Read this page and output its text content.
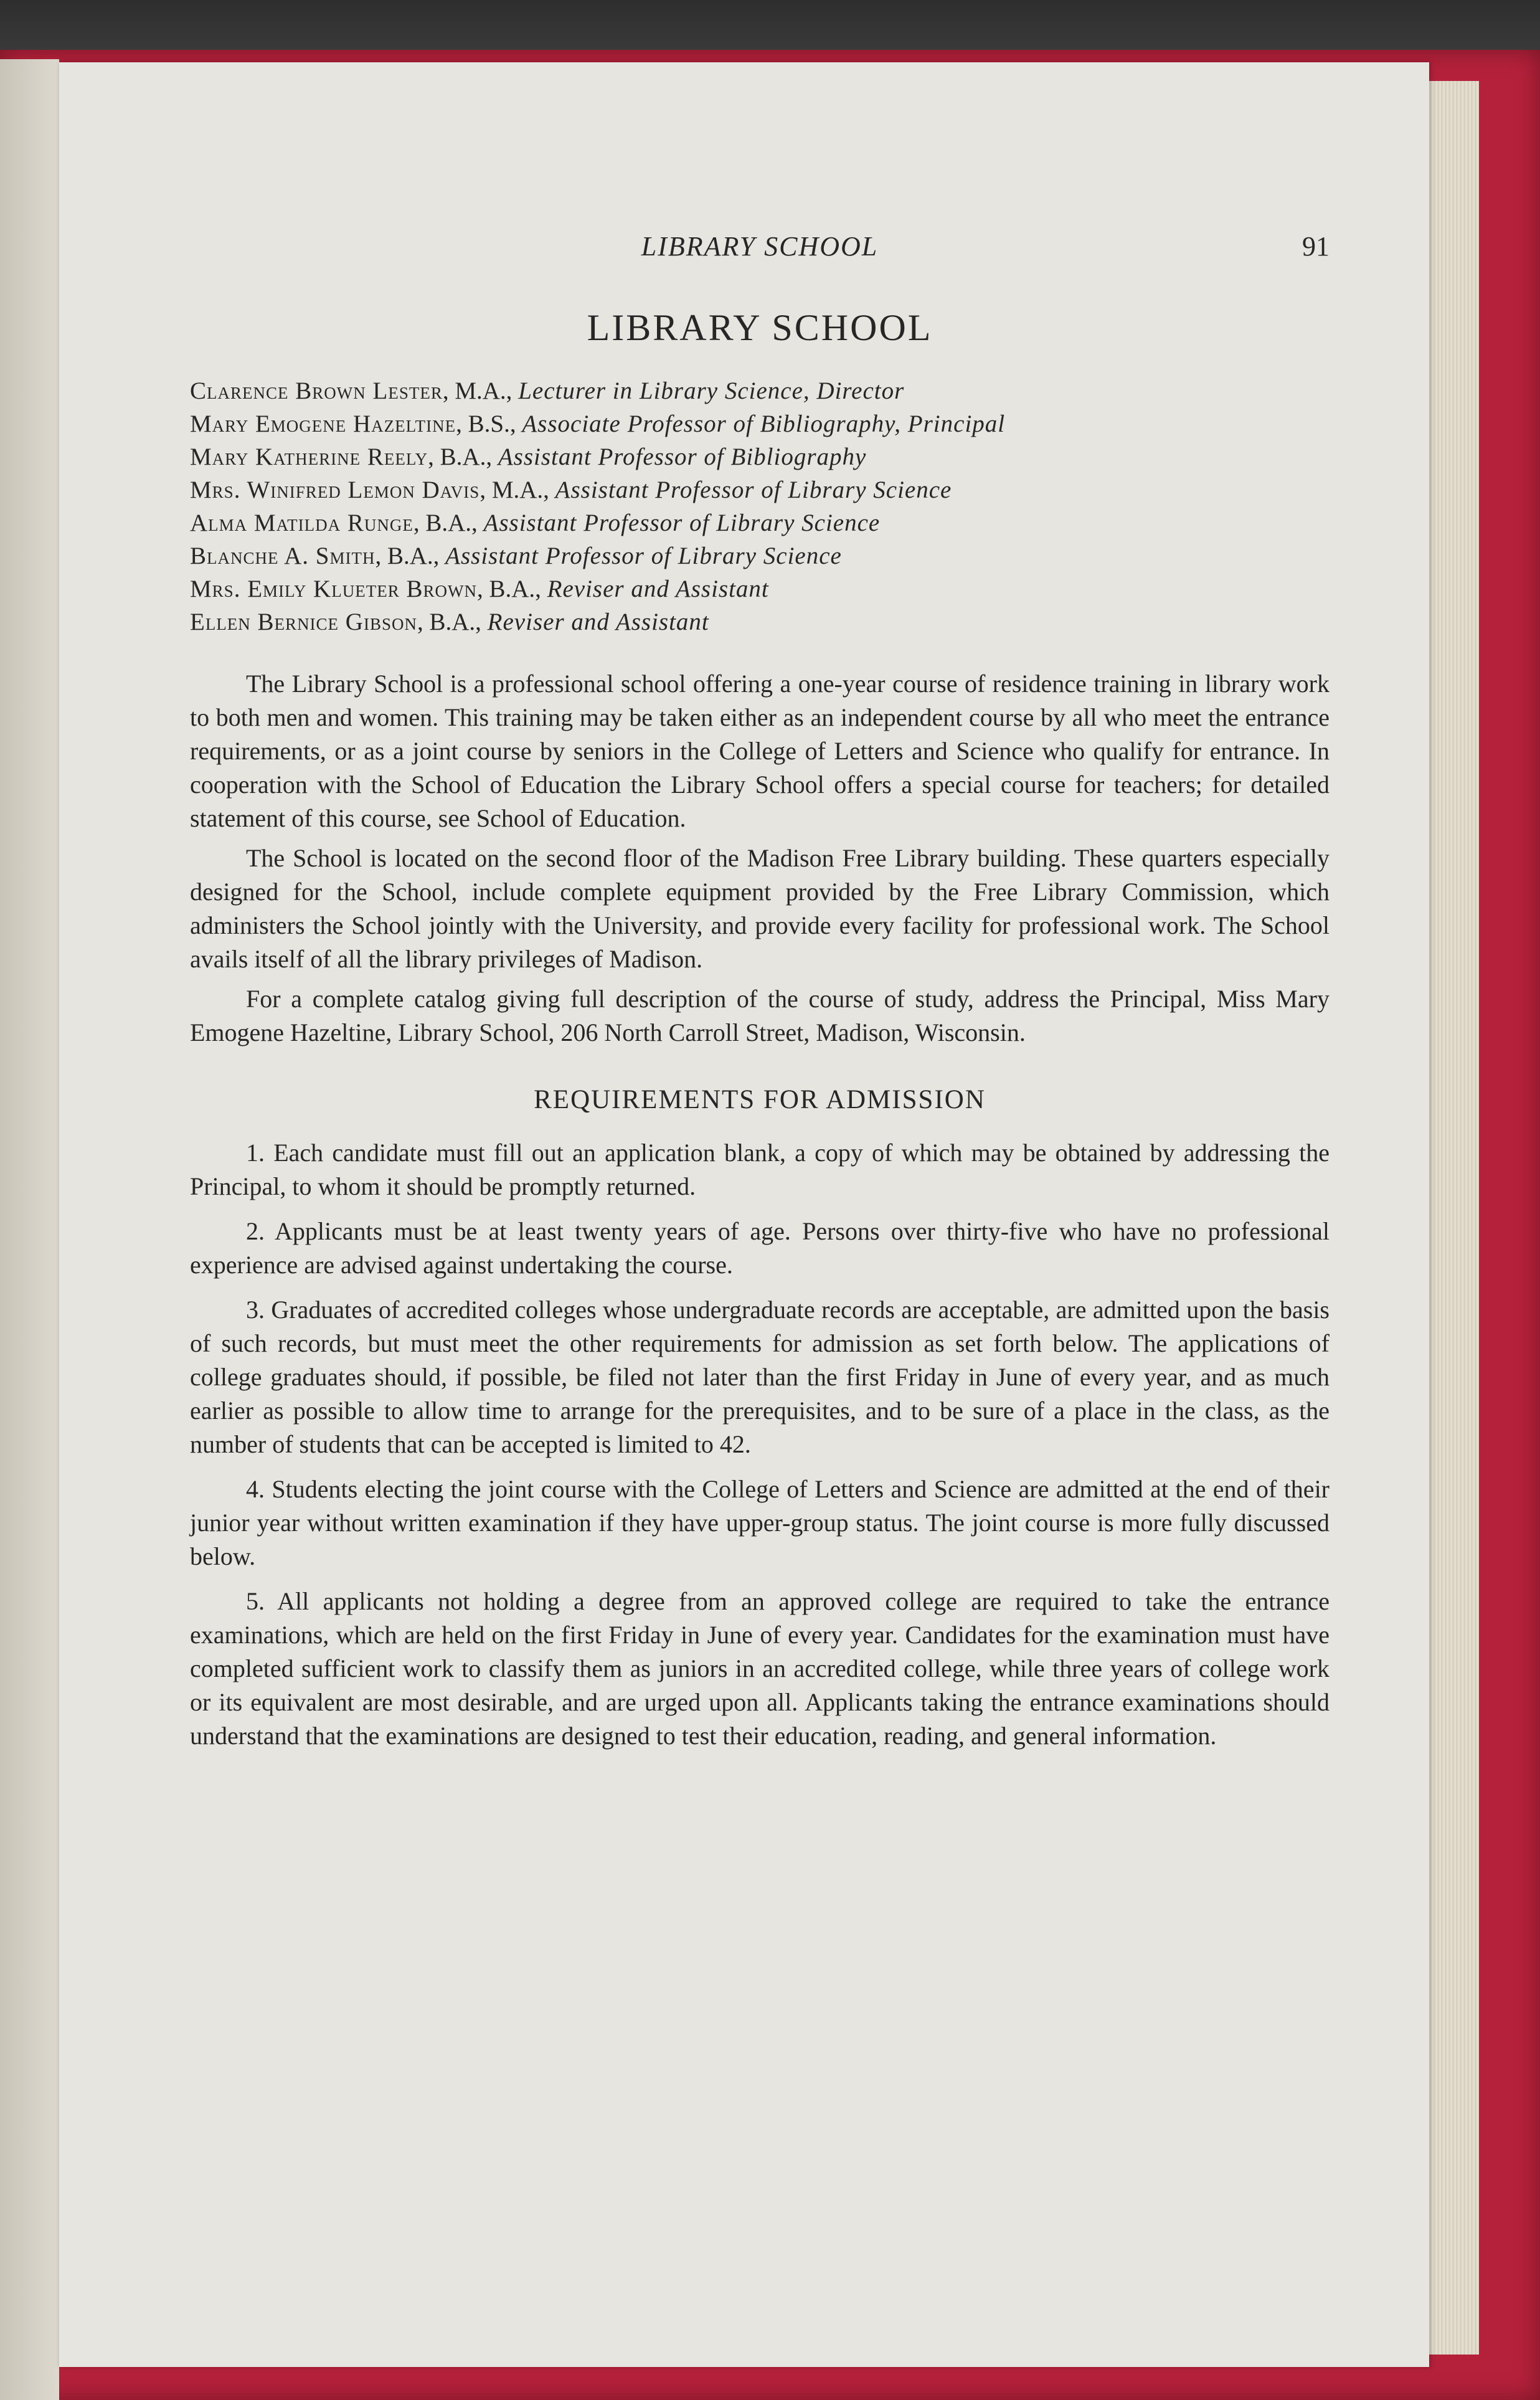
LIBRARY SCHOOL	91
LIBRARY SCHOOL
Clarence Brown Lester, M.A., Lecturer in Library Science, Director
Mary Emogene Hazeltine, B.S., Associate Professor of Bibliography, Principal
Mary Katherine Reely, B.A., Assistant Professor of Bibliography
Mrs. Winifred Lemon Davis, M.A., Assistant Professor of Library Science
Alma Matilda Runge, B.A., Assistant Professor of Library Science
Blanche A. Smith, B.A., Assistant Professor of Library Science
Mrs. Emily Klueter Brown, B.A., Reviser and Assistant
Ellen Bernice Gibson, B.A., Reviser and Assistant

The Library School is a professional school offering a one-year course of residence training in library work to both men and women. This training may be taken either as an independent course by all who meet the entrance requirements, or as a joint course by seniors in the College of Letters and Science who qualify for entrance. In cooperation with the School of Education the Library School offers a special course for teachers; for detailed statement of this course, see School of Education.

The School is located on the second floor of the Madison Free Library building. These quarters especially designed for the School, include complete equipment provided by the Free Library Commission, which administers the School jointly with the University, and provide every facility for professional work. The School avails itself of all the library privileges of Madison.

For a complete catalog giving full description of the course of study, address the Principal, Miss Mary Emogene Hazeltine, Library School, 206 North Carroll Street, Madison, Wisconsin.

REQUIREMENTS FOR ADMISSION

1. Each candidate must fill out an application blank, a copy of which may be obtained by addressing the Principal, to whom it should be promptly returned.

2. Applicants must be at least twenty years of age. Persons over thirty-five who have no professional experience are advised against undertaking the course.

3. Graduates of accredited colleges whose undergraduate records are acceptable, are admitted upon the basis of such records, but must meet the other requirements for admission as set forth below. The applications of college graduates should, if possible, be filed not later than the first Friday in June of every year, and as much earlier as possible to allow time to arrange for the prerequisites, and to be sure of a place in the class, as the number of students that can be accepted is limited to 42.

4. Students electing the joint course with the College of Letters and Science are admitted at the end of their junior year without written examination if they have upper-group status. The joint course is more fully discussed below.

5. All applicants not holding a degree from an approved college are required to take the entrance examinations, which are held on the first Friday in June of every year. Candidates for the examination must have completed sufficient work to classify them as juniors in an accredited college, while three years of college work or its equivalent are most desirable, and are urged upon all. Applicants taking the entrance examinations should understand that the examinations are designed to test their education, reading, and general information.
